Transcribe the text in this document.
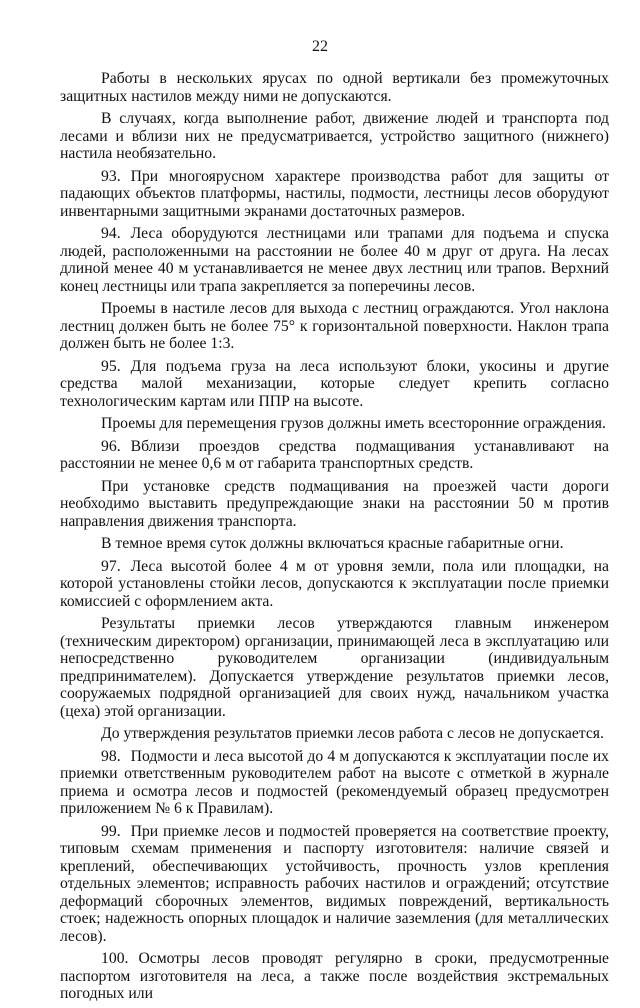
22

Работы в нескольких ярусах по одной вертикали без промежуточных защитных настилов между ними не допускаются.

В случаях, когда выполнение работ, движение людей и транспорта под лесами и вблизи них не предусматривается, устройство защитного (нижнего) настила необязательно.

93. При многоярусном характере производства работ для защиты от падающих объектов платформы, настилы, подмости, лестницы лесов оборудуют инвентарными защитными экранами достаточных размеров.

94. Леса оборудуются лестницами или трапами для подъема и спуска людей, расположенными на расстоянии не более 40 м друг от друга. На лесах длиной менее 40 м устанавливается не менее двух лестниц или трапов. Верхний конец лестницы или трапа закрепляется за поперечины лесов.

Проемы в настиле лесов для выхода с лестниц ограждаются. Угол наклона лестниц должен быть не более 75° к горизонтальной поверхности. Наклон трапа должен быть не более 1:3.

95. Для подъема груза на леса используют блоки, укосины и другие средства малой механизации, которые следует крепить согласно технологическим картам или ППР на высоте.

Проемы для перемещения грузов должны иметь всесторонние ограждения.

96. Вблизи проездов средства подмащивания устанавливают на расстоянии не менее 0,6 м от габарита транспортных средств.

При установке средств подмащивания на проезжей части дороги необходимо выставить предупреждающие знаки на расстоянии 50 м против направления движения транспорта.

В темное время суток должны включаться красные габаритные огни.

97. Леса высотой более 4 м от уровня земли, пола или площадки, на которой установлены стойки лесов, допускаются к эксплуатации после приемки комиссией с оформлением акта.

Результаты приемки лесов утверждаются главным инженером (техническим директором) организации, принимающей леса в эксплуатацию или непосредственно руководителем организации (индивидуальным предпринимателем). Допускается утверждение результатов приемки лесов, сооружаемых подрядной организацией для своих нужд, начальником участка (цеха) этой организации.

До утверждения результатов приемки лесов работа с лесов не допускается.

98. Подмости и леса высотой до 4 м допускаются к эксплуатации после их приемки ответственным руководителем работ на высоте с отметкой в журнале приема и осмотра лесов и подмостей (рекомендуемый образец предусмотрен приложением № 6 к Правилам).

99. При приемке лесов и подмостей проверяется на соответствие проекту, типовым схемам применения и паспорту изготовителя: наличие связей и креплений, обеспечивающих устойчивость, прочность узлов крепления отдельных элементов; исправность рабочих настилов и ограждений; отсутствие деформаций сборочных элементов, видимых повреждений, вертикальность стоек; надежность опорных площадок и наличие заземления (для металлических лесов).

100. Осмотры лесов проводят регулярно в сроки, предусмотренные паспортом изготовителя на леса, а также после воздействия экстремальных погодных или
